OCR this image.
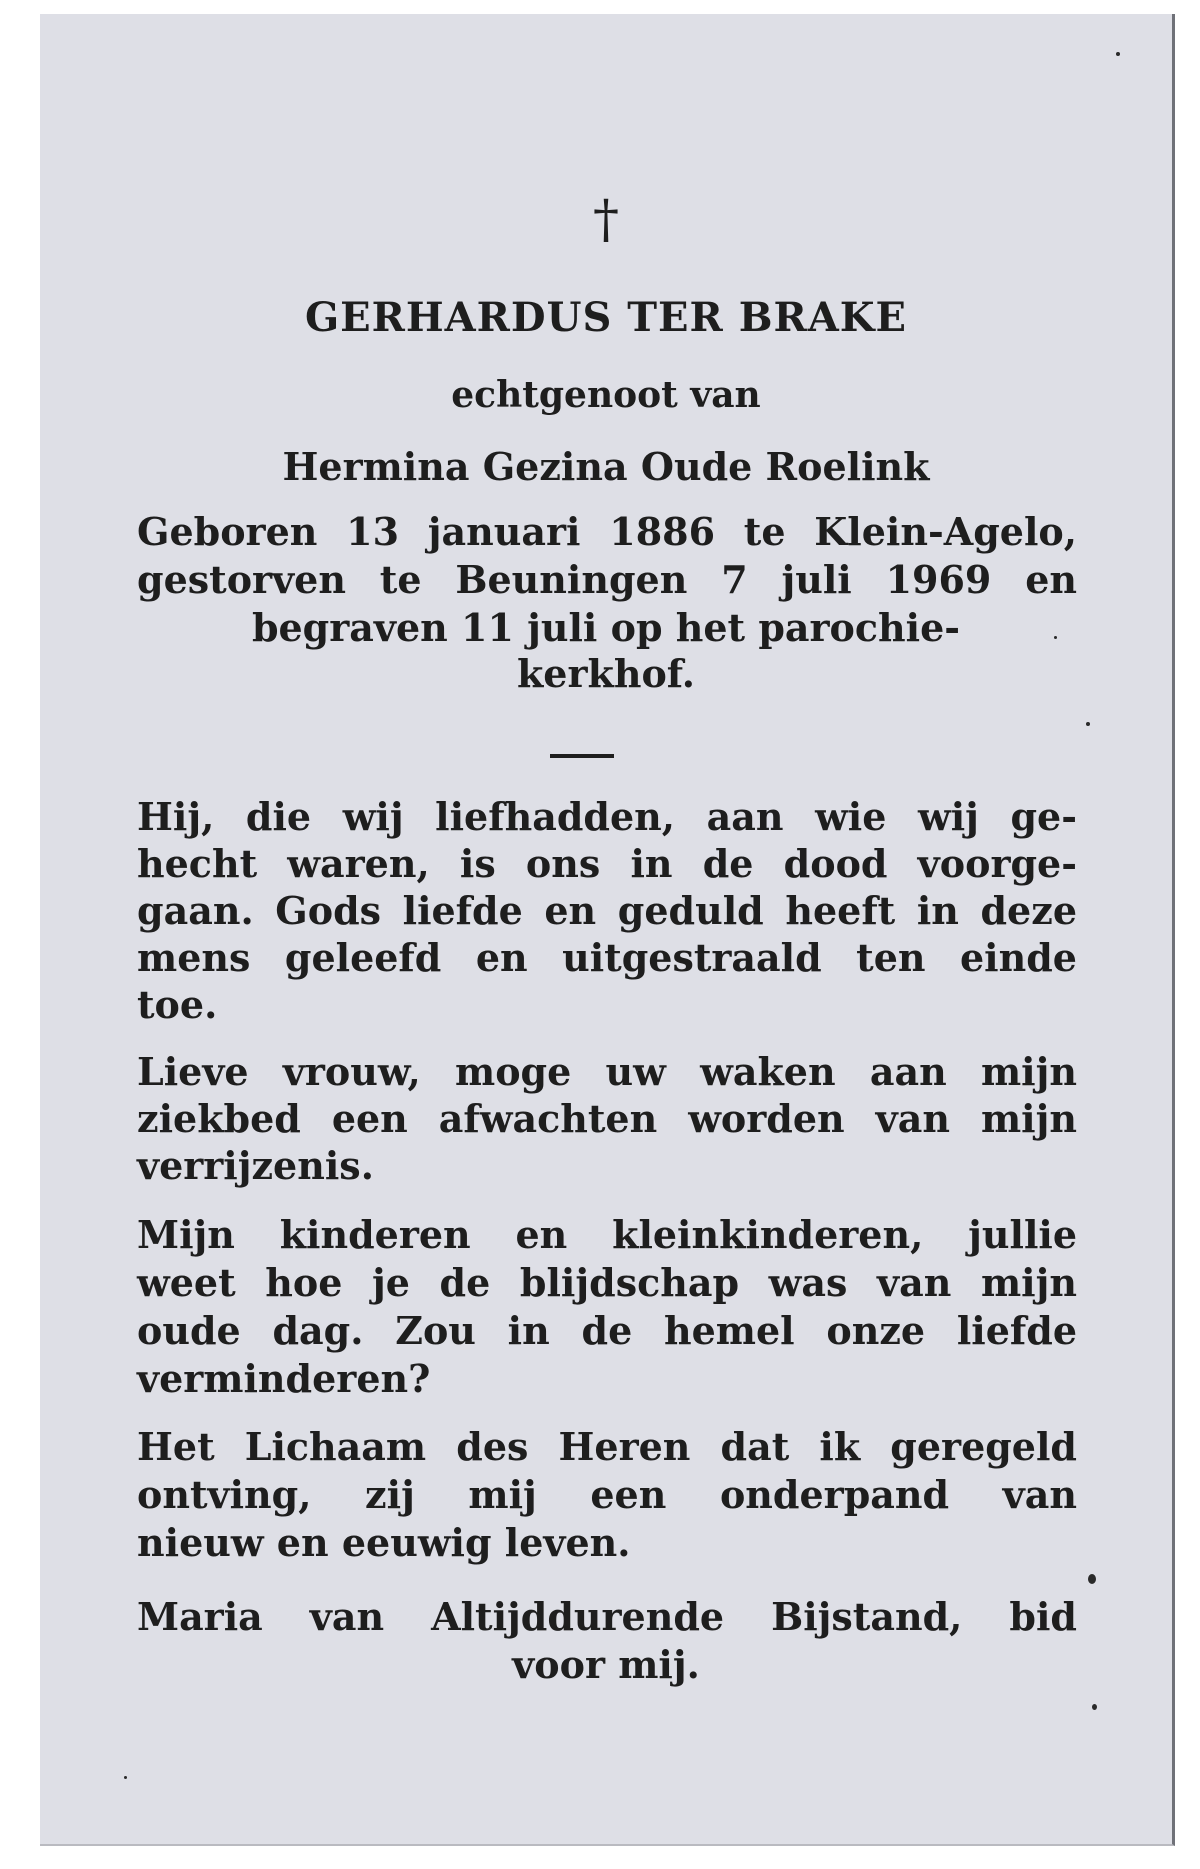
†
GERHARDUS TER BRAKE
echtgenoot van
Hermina Gezina Oude Roelink
Geboren 13 januari 1886 te Klein-Agelo,
gestorven te Beuningen 7 juli 1969 en
begraven 11 juli op het parochie-
kerkhof.
Hij, die wij liefhadden, aan wie wij ge-
hecht waren, is ons in de dood voorge-
gaan. Gods liefde en geduld heeft in deze
mens geleefd en uitgestraald ten einde
toe.
Lieve vrouw, moge uw waken aan mijn
ziekbed een afwachten worden van mijn
verrijzenis.
Mijn kinderen en kleinkinderen, jullie
weet hoe je de blijdschap was van mijn
oude dag. Zou in de hemel onze liefde
verminderen?
Het Lichaam des Heren dat ik geregeld
ontving, zij mij een onderpand van
nieuw en eeuwig leven.
Maria van Altijddurende Bijstand, bid
voor mij.
